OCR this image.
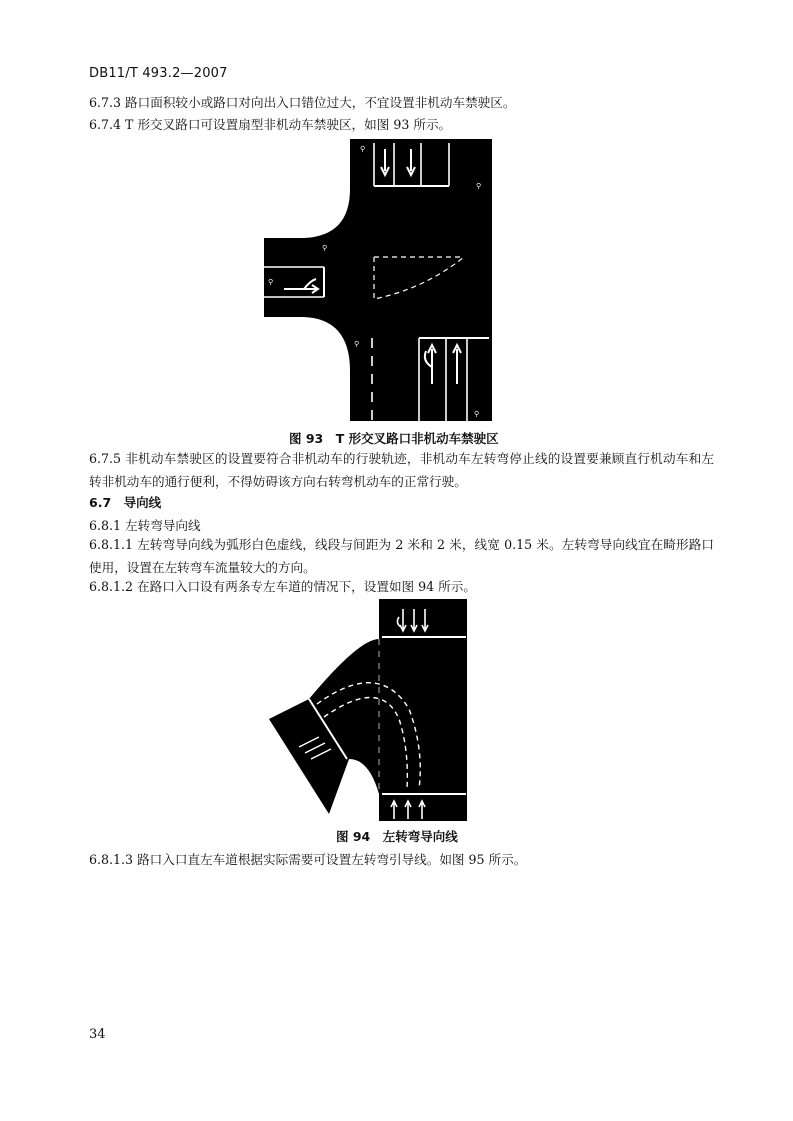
DB11/T 493.2—2007
6.7.3 路口面积较小或路口对向出入口错位过大，不宜设置非机动车禁驶区。
6.7.4 T 形交叉路口可设置扇型非机动车禁驶区，如图 93 所示。
⚲
⚲
⚲
⚲
⚲
⚲
图 93　T 形交叉路口非机动车禁驶区
6.7.5 非机动车禁驶区的设置要符合非机动车的行驶轨迹，非机动车左转弯停止线的设置要兼顾直行机动车和左转非机动车的通行便利，不得妨碍该方向右转弯机动车的正常行驶。
6.7　导向线
6.8.1 左转弯导向线
6.8.1.1 左转弯导向线为弧形白色虚线，线段与间距为 2 米和 2 米，线宽 0.15 米。左转弯导向线宜在畸形路口使用，设置在左转弯车流量较大的方向。
6.8.1.2 在路口入口设有两条专左车道的情况下，设置如图 94 所示。
图 94　左转弯导向线
6.8.1.3 路口入口直左车道根据实际需要可设置左转弯引导线。如图 95 所示。
34
